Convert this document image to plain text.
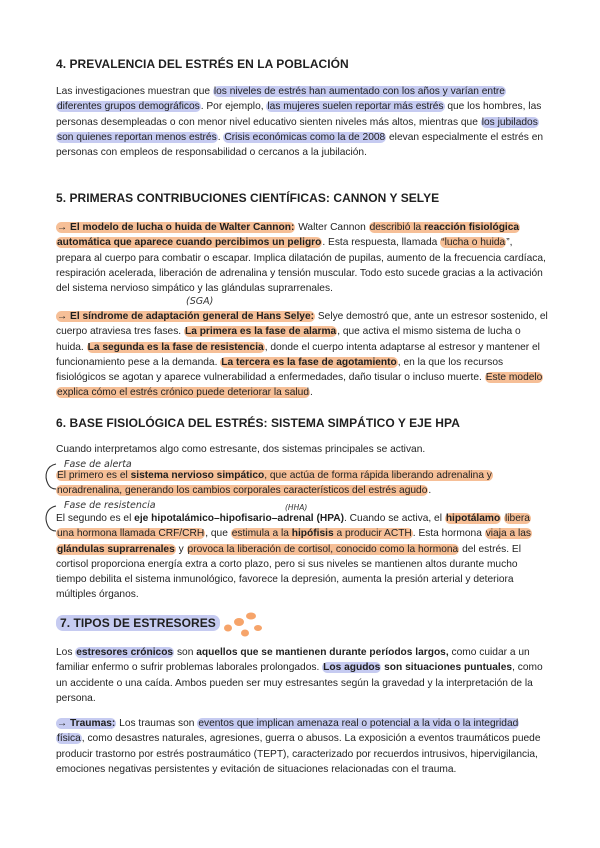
4. PREVALENCIA DEL ESTRÉS EN LA POBLACIÓN

Las investigaciones muestran que los niveles de estrés han aumentado con los años y varían entre diferentes grupos demográficos. Por ejemplo, las mujeres suelen reportar más estrés que los hombres, las personas desempleadas o con menor nivel educativo sienten niveles más altos, mientras que los jubilados son quienes reportan menos estrés. Crisis económicas como la de 2008 elevan especialmente el estrés en personas con empleos de responsabilidad o cercanos a la jubilación.

5. PRIMERAS CONTRIBUCIONES CIENTÍFICAS: CANNON Y SELYE

→ El modelo de lucha o huida de Walter Cannon: Walter Cannon describió la reacción fisiológica automática que aparece cuando percibimos un peligro. Esta respuesta, llamada “lucha o huida”, prepara al cuerpo para combatir o escapar. Implica dilatación de pupilas, aumento de la frecuencia cardíaca, respiración acelerada, liberación de adrenalina y tensión muscular. Todo esto sucede gracias a la activación del sistema nervioso simpático y las glándulas suprarrenales.

(SGA)

→ El síndrome de adaptación general de Hans Selye: Selye demostró que, ante un estresor sostenido, el cuerpo atraviesa tres fases. La primera es la fase de alarma, que activa el mismo sistema de lucha o huida. La segunda es la fase de resistencia, donde el cuerpo intenta adaptarse al estresor y mantener el funcionamiento pese a la demanda. La tercera es la fase de agotamiento, en la que los recursos fisiológicos se agotan y aparece vulnerabilidad a enfermedades, daño tisular o incluso muerte. Este modelo explica cómo el estrés crónico puede deteriorar la salud.

6. BASE FISIOLÓGICA DEL ESTRÉS: SISTEMA SIMPÁTICO Y EJE HPA

Cuando interpretamos algo como estresante, dos sistemas principales se activan.

Fase de alerta

El primero es el sistema nervioso simpático, que actúa de forma rápida liberando adrenalina y noradrenalina, generando los cambios corporales característicos del estrés agudo.

Fase de resistencia	(HHA)

El segundo es el eje hipotalámico–hipofisario–adrenal (HPA). Cuando se activa, el hipotálamo libera una hormona llamada CRF/CRH, que estimula a la hipófisis a producir ACTH. Esta hormona viaja a las glándulas suprarrenales y provoca la liberación de cortisol, conocido como la hormona del estrés. El cortisol proporciona energía extra a corto plazo, pero si sus niveles se mantienen altos durante mucho tiempo debilita el sistema inmunológico, favorece la depresión, aumenta la presión arterial y deteriora múltiples órganos.

7. TIPOS DE ESTRESORES

Los estresores crónicos son aquellos que se mantienen durante períodos largos, como cuidar a un familiar enfermo o sufrir problemas laborales prolongados. Los agudos son situaciones puntuales, como un accidente o una caída. Ambos pueden ser muy estresantes según la gravedad y la interpretación de la persona.

→ Traumas: Los traumas son eventos que implican amenaza real o potencial a la vida o la integridad física, como desastres naturales, agresiones, guerra o abusos. La exposición a eventos traumáticos puede producir trastorno por estrés postraumático (TEPT), caracterizado por recuerdos intrusivos, hipervigilancia, emociones negativas persistentes y evitación de situaciones relacionadas con el trauma.
